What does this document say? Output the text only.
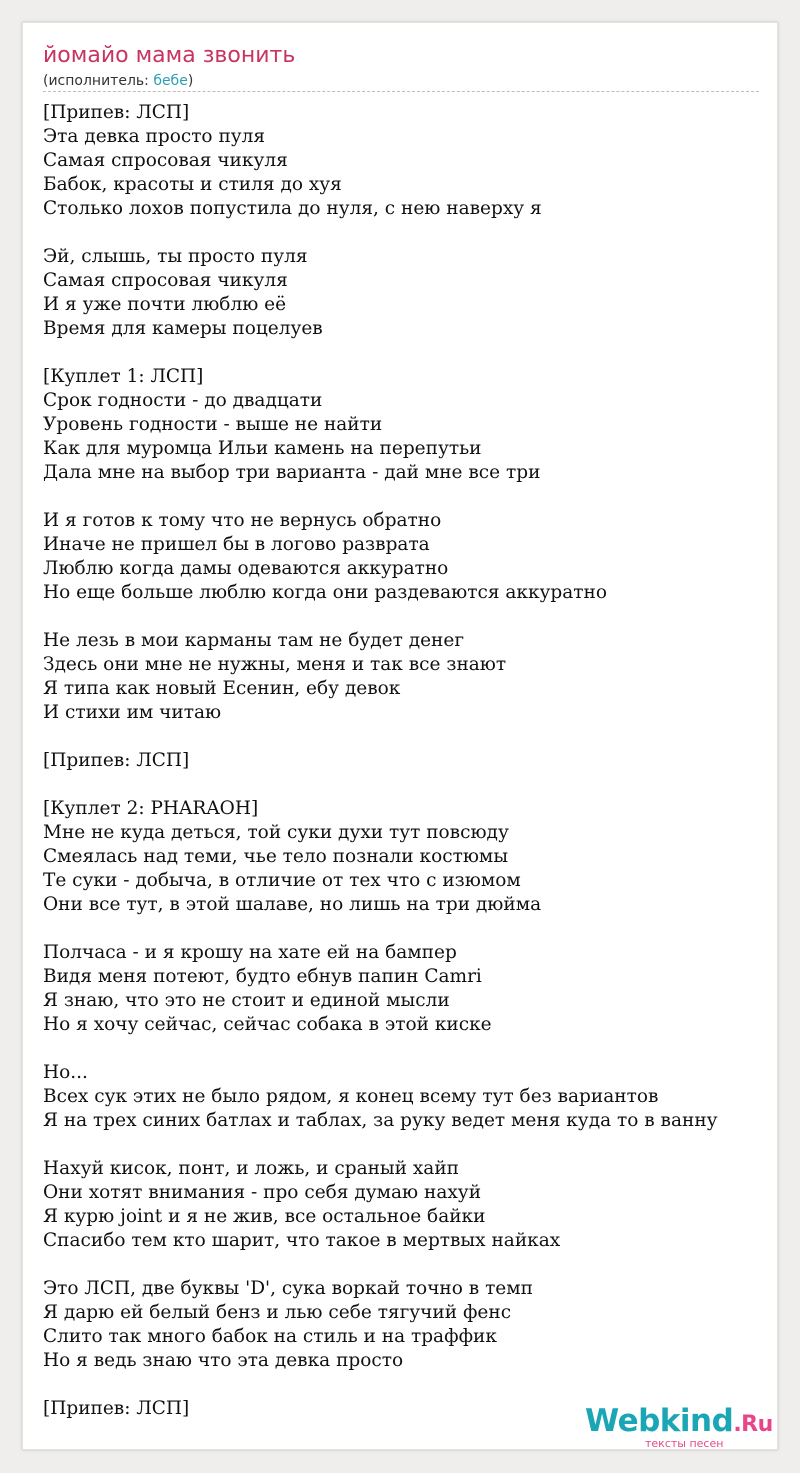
йомайо мама звонить
(исполнитель: бебе)
[Припев: ЛСП]
Эта девка просто пуля
Самая спросовая чикуля
Бабок, красоты и стиля до хуя
Столько лохов попустила до нуля, с нею наверху я

Эй, слышь, ты просто пуля
Самая спросовая чикуля
И я уже почти люблю её
Время для камеры поцелуев

[Куплет 1: ЛСП]
Срок годности - до двадцати
Уровень годности - выше не найти
Как для муромца Ильи камень на перепутьи
Дала мне на выбор три варианта - дай мне все три

И я готов к тому что не вернусь обратно
Иначе не пришел бы в логово разврата
Люблю когда дамы одеваются аккуратно
Но еще больше люблю когда они раздеваются аккуратно

Не лезь в мои карманы там не будет денег
Здесь они мне не нужны, меня и так все знают
Я типа как новый Есенин, ебу девок
И стихи им читаю

[Припев: ЛСП]

[Куплет 2: PHARAOH]
Мне не куда деться, той суки духи тут повсюду
Смеялась над теми, чье тело познали костюмы
Те суки - добыча, в отличие от тех что с изюмом
Они все тут, в этой шалаве, но лишь на три дюйма

Полчаса - и я крошу на хате ей на бампер
Видя меня потеют, будто ебнув папин Camri
Я знаю, что это не стоит и единой мысли
Но я хочу сейчас, сейчас собака в этой киске

Но...
Всех сук этих не было рядом, я конец всему тут без вариантов
Я на трех синих батлах и таблах, за руку ведет меня куда то в ванну

Нахуй кисок, понт, и ложь, и сраный хайп
Они хотят внимания - про себя думаю нахуй
Я курю joint и я не жив, все остальное байки
Спасибо тем кто шарит, что такое в мертвых найках

Это ЛСП, две буквы 'D', сука воркай точно в темп
Я дарю ей белый бенз и лью себе тягучий фенс
Слито так много бабок на стиль и на траффик
Но я ведь знаю что эта девка просто

[Припев: ЛСП]	Webkind.Ru
тексты песен
